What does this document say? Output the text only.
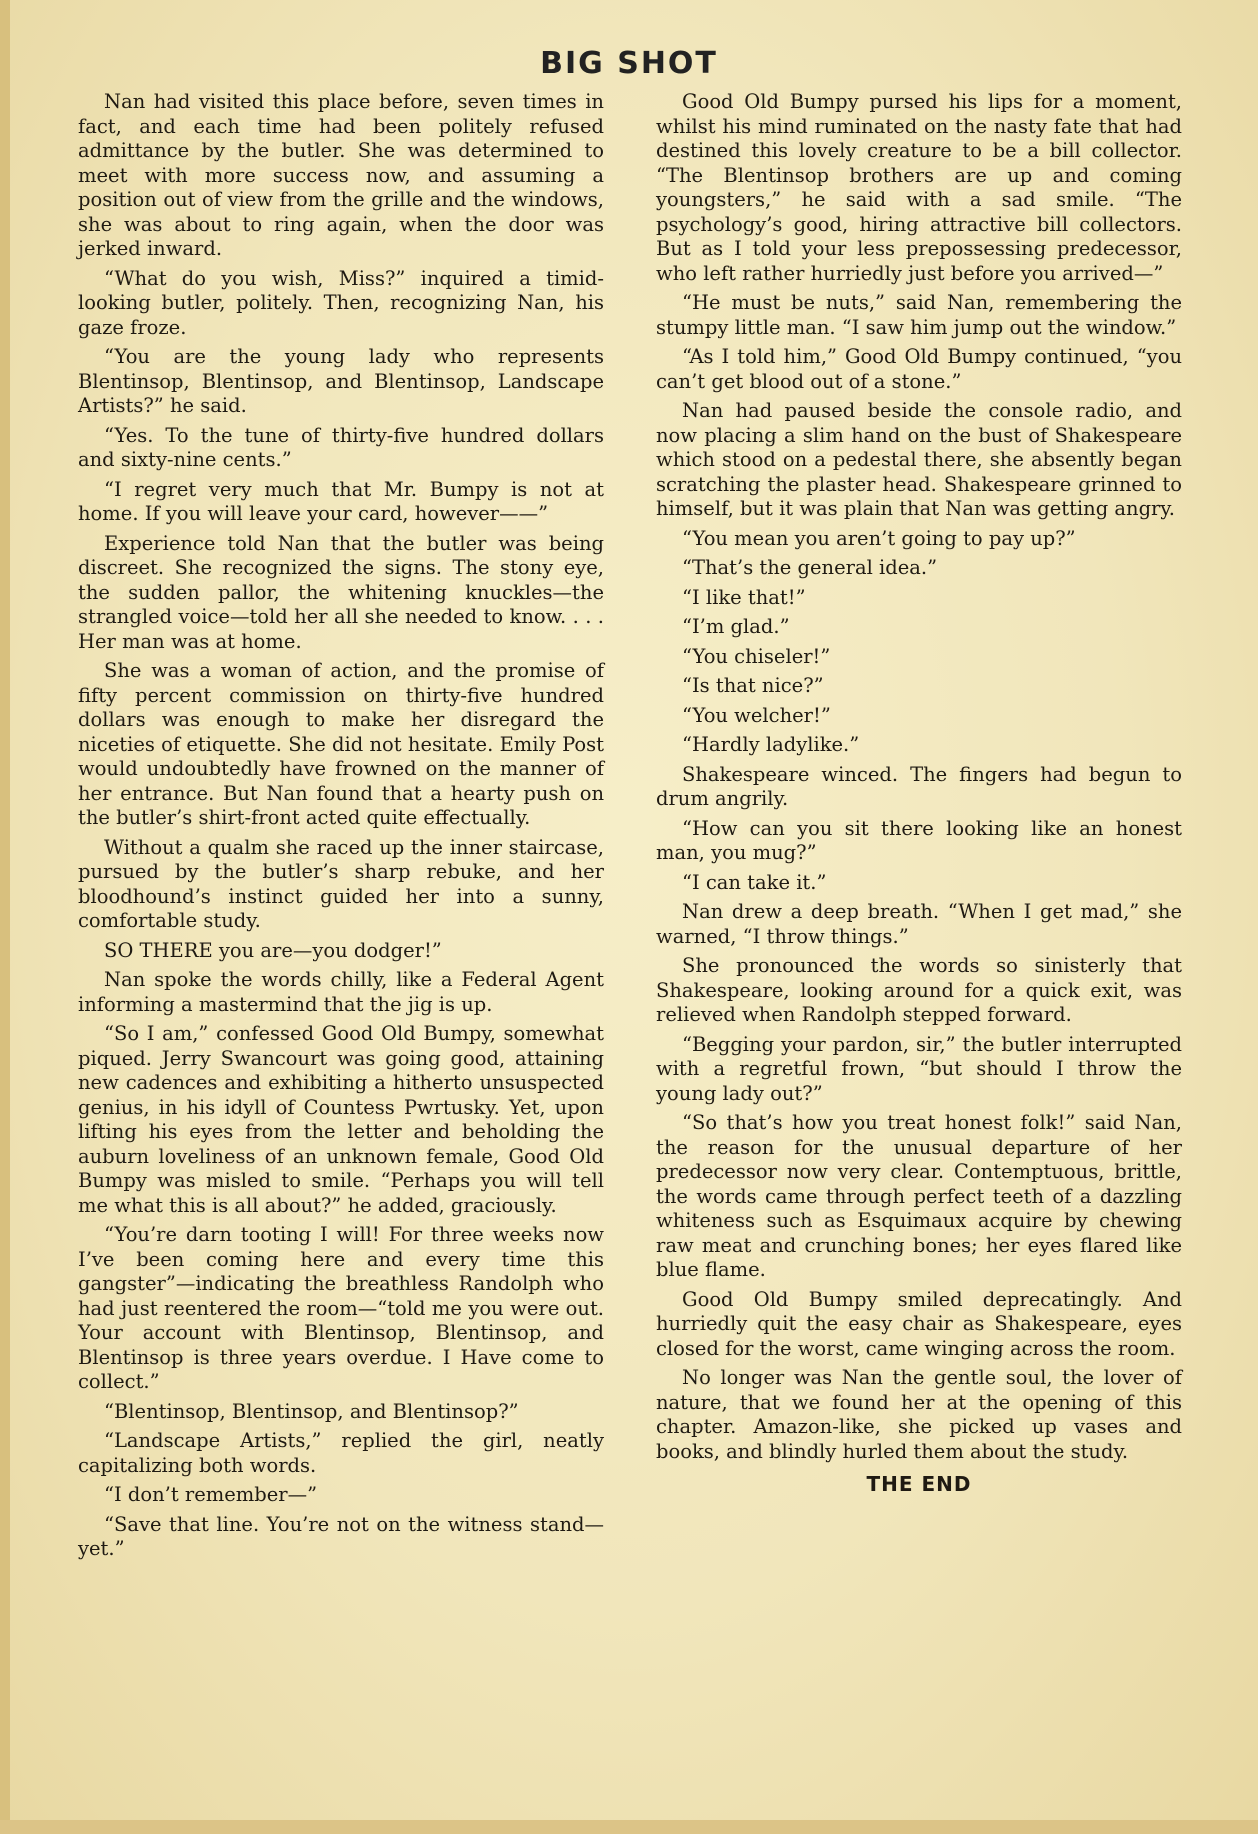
BIG SHOT

Nan had visited this place before, seven times in fact, and each time had been politely refused admittance by the butler. She was determined to meet with more success now, and assuming a position out of view from the grille and the windows, she was about to ring again, when the door was jerked inward.

“What do you wish, Miss?” inquired a timid-looking butler, politely. Then, recognizing Nan, his gaze froze.

“You are the young lady who represents Blentinsop, Blentinsop, and Blentinsop, Landscape Artists?” he said.

“Yes. To the tune of thirty-five hundred dollars and sixty-nine cents.”

“I regret very much that Mr. Bumpy is not at home. If you will leave your card, however——”

Experience told Nan that the butler was being discreet. She recognized the signs. The stony eye, the sudden pallor, the whitening knuckles—the strangled voice—told her all she needed to know. . . . Her man was at home.

She was a woman of action, and the promise of fifty percent commission on thirty-five hundred dollars was enough to make her disregard the niceties of etiquette. She did not hesitate. Emily Post would undoubtedly have frowned on the manner of her entrance. But Nan found that a hearty push on the butler’s shirt-front acted quite effectually.

Without a qualm she raced up the inner staircase, pursued by the butler’s sharp rebuke, and her bloodhound’s instinct guided her into a sunny, comfortable study.

SO THERE you are—you dodger!”

Nan spoke the words chilly, like a Federal Agent informing a mastermind that the jig is up.

“So I am,” confessed Good Old Bumpy, somewhat piqued. Jerry Swancourt was going good, attaining new cadences and exhibiting a hitherto unsuspected genius, in his idyll of Countess Pwrtusky. Yet, upon lifting his eyes from the letter and beholding the auburn loveliness of an unknown female, Good Old Bumpy was misled to smile. “Perhaps you will tell me what this is all about?” he added, graciously.

“You’re darn tooting I will! For three weeks now I’ve been coming here and every time this gangster”—indicating the breathless Randolph who had just reentered the room—“told me you were out. Your account with Blentinsop, Blentinsop, and Blentinsop is three years overdue. I Have come to collect.”

“Blentinsop, Blentinsop, and Blentinsop?”

“Landscape Artists,” replied the girl, neatly capitalizing both words.

“I don’t remember—”

“Save that line. You’re not on the witness stand—yet.”

Good Old Bumpy pursed his lips for a moment, whilst his mind ruminated on the nasty fate that had destined this lovely creature to be a bill collector. “The Blentinsop brothers are up and coming youngsters,” he said with a sad smile. “The psychology’s good, hiring attractive bill collectors. But as I told your less prepossessing predecessor, who left rather hurriedly just before you arrived—”

“He must be nuts,” said Nan, remembering the stumpy little man. “I saw him jump out the window.”

“As I told him,” Good Old Bumpy continued, “you can’t get blood out of a stone.”

Nan had paused beside the console radio, and now placing a slim hand on the bust of Shakespeare which stood on a pedestal there, she absently began scratching the plaster head. Shakespeare grinned to himself, but it was plain that Nan was getting angry.

“You mean you aren’t going to pay up?”

“That’s the general idea.”

“I like that!”

“I’m glad.”

“You chiseler!”

“Is that nice?”

“You welcher!”

“Hardly ladylike.”

Shakespeare winced. The fingers had begun to drum angrily.

“How can you sit there looking like an honest man, you mug?”

“I can take it.”

Nan drew a deep breath. “When I get mad,” she warned, “I throw things.”

She pronounced the words so sinisterly that Shakespeare, looking around for a quick exit, was relieved when Randolph stepped forward.

“Begging your pardon, sir,” the butler interrupted with a regretful frown, “but should I throw the young lady out?”

“So that’s how you treat honest folk!” said Nan, the reason for the unusual departure of her predecessor now very clear. Contemptuous, brittle, the words came through perfect teeth of a dazzling whiteness such as Esquimaux acquire by chewing raw meat and crunching bones; her eyes flared like blue flame.

Good Old Bumpy smiled deprecatingly. And hurriedly quit the easy chair as Shakespeare, eyes closed for the worst, came winging across the room.

No longer was Nan the gentle soul, the lover of nature, that we found her at the opening of this chapter. Amazon-like, she picked up vases and books, and blindly hurled them about the study.

THE END
